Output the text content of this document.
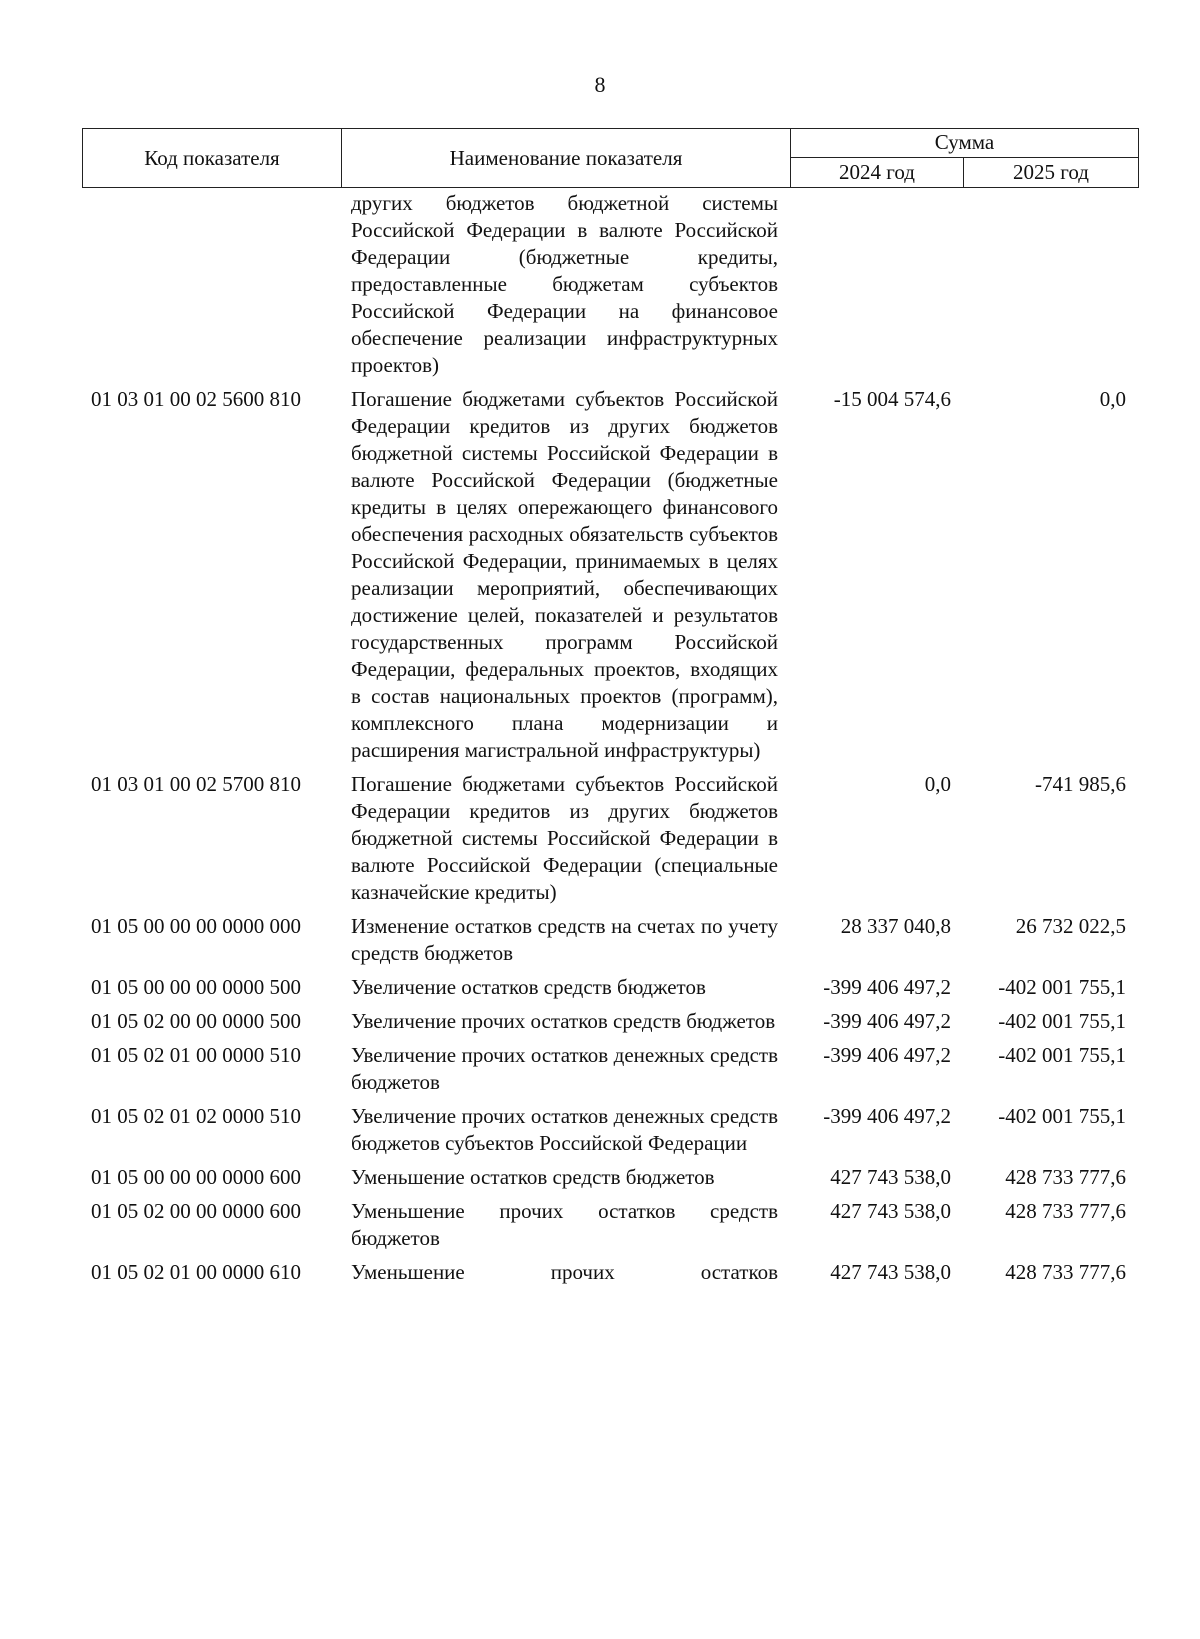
8
Код показателя	Наименование показателя	Сумма	
		2024 год	2025 год
	других бюджетов бюджетной системы Российской Федерации в валюте Российской Федерации (бюджетные кредиты, предоставленные бюджетам субъектов Российской Федерации на финансовое обеспечение реализации инфраструктурных проектов)		
01 03 01 00 02 5600 810	Погашение бюджетами субъектов Российской Федерации кредитов из других бюджетов бюджетной системы Российской Федерации в валюте Российской Федерации (бюджетные кредиты в целях опережающего финансового обеспечения расходных обязательств субъектов Российской Федерации, принимаемых в целях реализации мероприятий, обеспечивающих достижение целей, показателей и результатов государственных программ Российской Федерации, федеральных проектов, входящих в состав национальных проектов (программ), комплексного плана модернизации и расширения магистральной инфраструктуры)	-15 004 574,6	0,0
01 03 01 00 02 5700 810	Погашение бюджетами субъектов Российской Федерации кредитов из других бюджетов бюджетной системы Российской Федерации в валюте Российской Федерации (специальные казначейские кредиты)	0,0	-741 985,6
01 05 00 00 00 0000 000	Изменение остатков средств на счетах по учету средств бюджетов	28 337 040,8	26 732 022,5
01 05 00 00 00 0000 500	Увеличение остатков средств бюджетов	-399 406 497,2	-402 001 755,1
01 05 02 00 00 0000 500	Увеличение прочих остатков средств бюджетов	-399 406 497,2	-402 001 755,1
01 05 02 01 00 0000 510	Увеличение прочих остатков денежных средств бюджетов	-399 406 497,2	-402 001 755,1
01 05 02 01 02 0000 510	Увеличение прочих остатков денежных средств бюджетов субъектов Российской Федерации	-399 406 497,2	-402 001 755,1
01 05 00 00 00 0000 600	Уменьшение остатков средств бюджетов	427 743 538,0	428 733 777,6
01 05 02 00 00 0000 600	Уменьшение прочих остатков средств бюджетов	427 743 538,0	428 733 777,6
01 05 02 01 00 0000 610	Уменьшение прочих остатков	427 743 538,0	428 733 777,6
